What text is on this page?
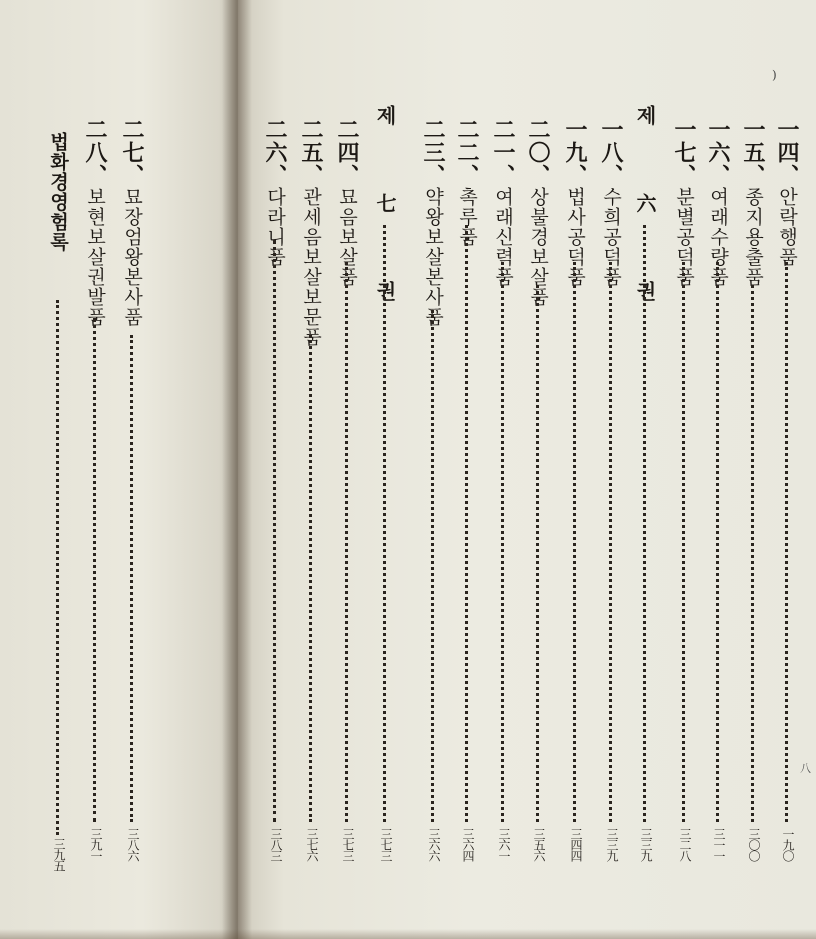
)
八
一四、안락행품
一九〇
一五、종지용출품
三〇〇
一六、여래수량품
三一一
一七、분별공덕품
三二八
제 六 권
三三九
一八、수희공덕품
三三九
一九、법사공덕품
三四四
二〇、상불경보살품
三五六
二一、여래신력품
三六一
二二、촉루품
三六四
二三、약왕보살본사품
三六六
제 七 권
三七三
二四、묘음보살품
三七三
二五、관세음보살보문품
三七六
二六、다라니품
三八三
二七、묘장엄왕본사품
三八六
二八、보현보살권발품
三九一
법화경영험록
三九五
